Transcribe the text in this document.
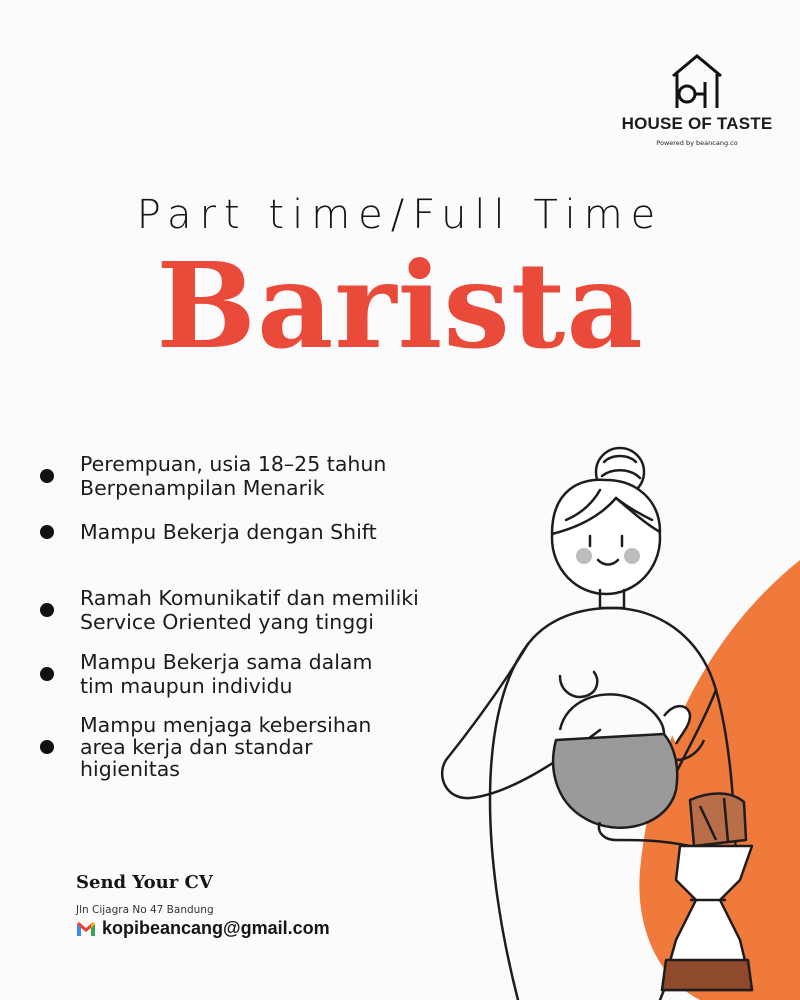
HOUSE OF TASTE
Powered by beancang.co
Part time/Full Time
Barista
Perempuan, usia 18–25 tahun
Berpenampilan Menarik
Mampu Bekerja dengan Shift
Ramah Komunikatif dan memiliki
Service Oriented yang tinggi
Mampu Bekerja sama dalam
tim maupun individu
Mampu menjaga kebersihan
area kerja dan standar
higienitas
Send Your CV
Jln Cijagra No 47 Bandung
kopibeancang@gmail.com
